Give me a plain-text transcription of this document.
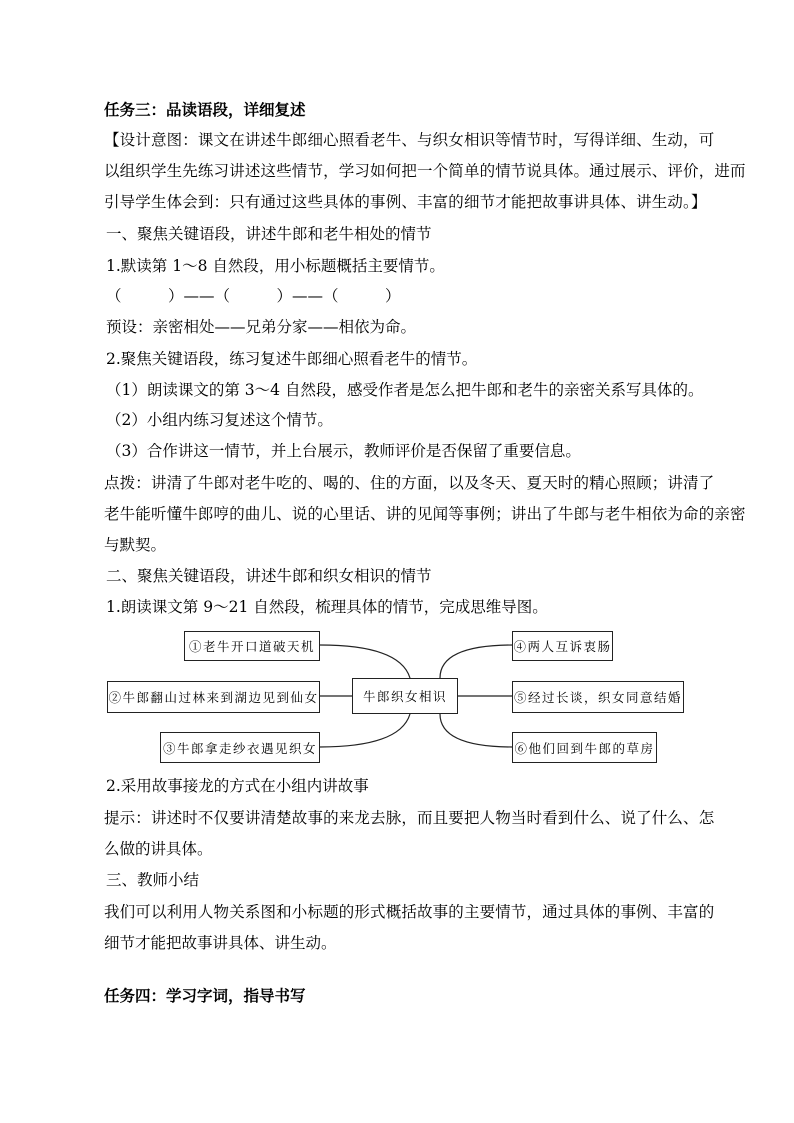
任务三：品读语段，详细复述
【设计意图：课文在讲述牛郎细心照看老牛、与织女相识等情节时，写得详细、生动，可
以组织学生先练习讲述这些情节，学习如何把一个简单的情节说具体。通过展示、评价，进而
引导学生体会到：只有通过这些具体的事例、丰富的细节才能把故事讲具体、讲生动。】
一、聚焦关键语段，讲述牛郎和老牛相处的情节
1.默读第 1～8 自然段，用小标题概括主要情节。
（　　　）——（　　　）——（　　　）
预设：亲密相处——兄弟分家——相依为命。
2.聚焦关键语段，练习复述牛郎细心照看老牛的情节。
（1）朗读课文的第 3～4 自然段，感受作者是怎么把牛郎和老牛的亲密关系写具体的。
（2）小组内练习复述这个情节。
（3）合作讲这一情节，并上台展示，教师评价是否保留了重要信息。
点拨：讲清了牛郎对老牛吃的、喝的、住的方面，以及冬天、夏天时的精心照顾；讲清了
老牛能听懂牛郎哼的曲儿、说的心里话、讲的见闻等事例；讲出了牛郎与老牛相依为命的亲密
与默契。
二、聚焦关键语段，讲述牛郎和织女相识的情节
1.朗读课文第 9～21 自然段，梳理具体的情节，完成思维导图。
①老牛开口道破天机
②牛郎翻山过林来到湖边见到仙女
③牛郎拿走纱衣遇见织女
牛郎织女相识
④两人互诉衷肠
⑤经过长谈，织女同意结婚
⑥他们回到牛郎的草房
2.采用故事接龙的方式在小组内讲故事
提示：讲述时不仅要讲清楚故事的来龙去脉，而且要把人物当时看到什么、说了什么、怎
么做的讲具体。
三、教师小结
我们可以利用人物关系图和小标题的形式概括故事的主要情节，通过具体的事例、丰富的
细节才能把故事讲具体、讲生动。
任务四：学习字词，指导书写
